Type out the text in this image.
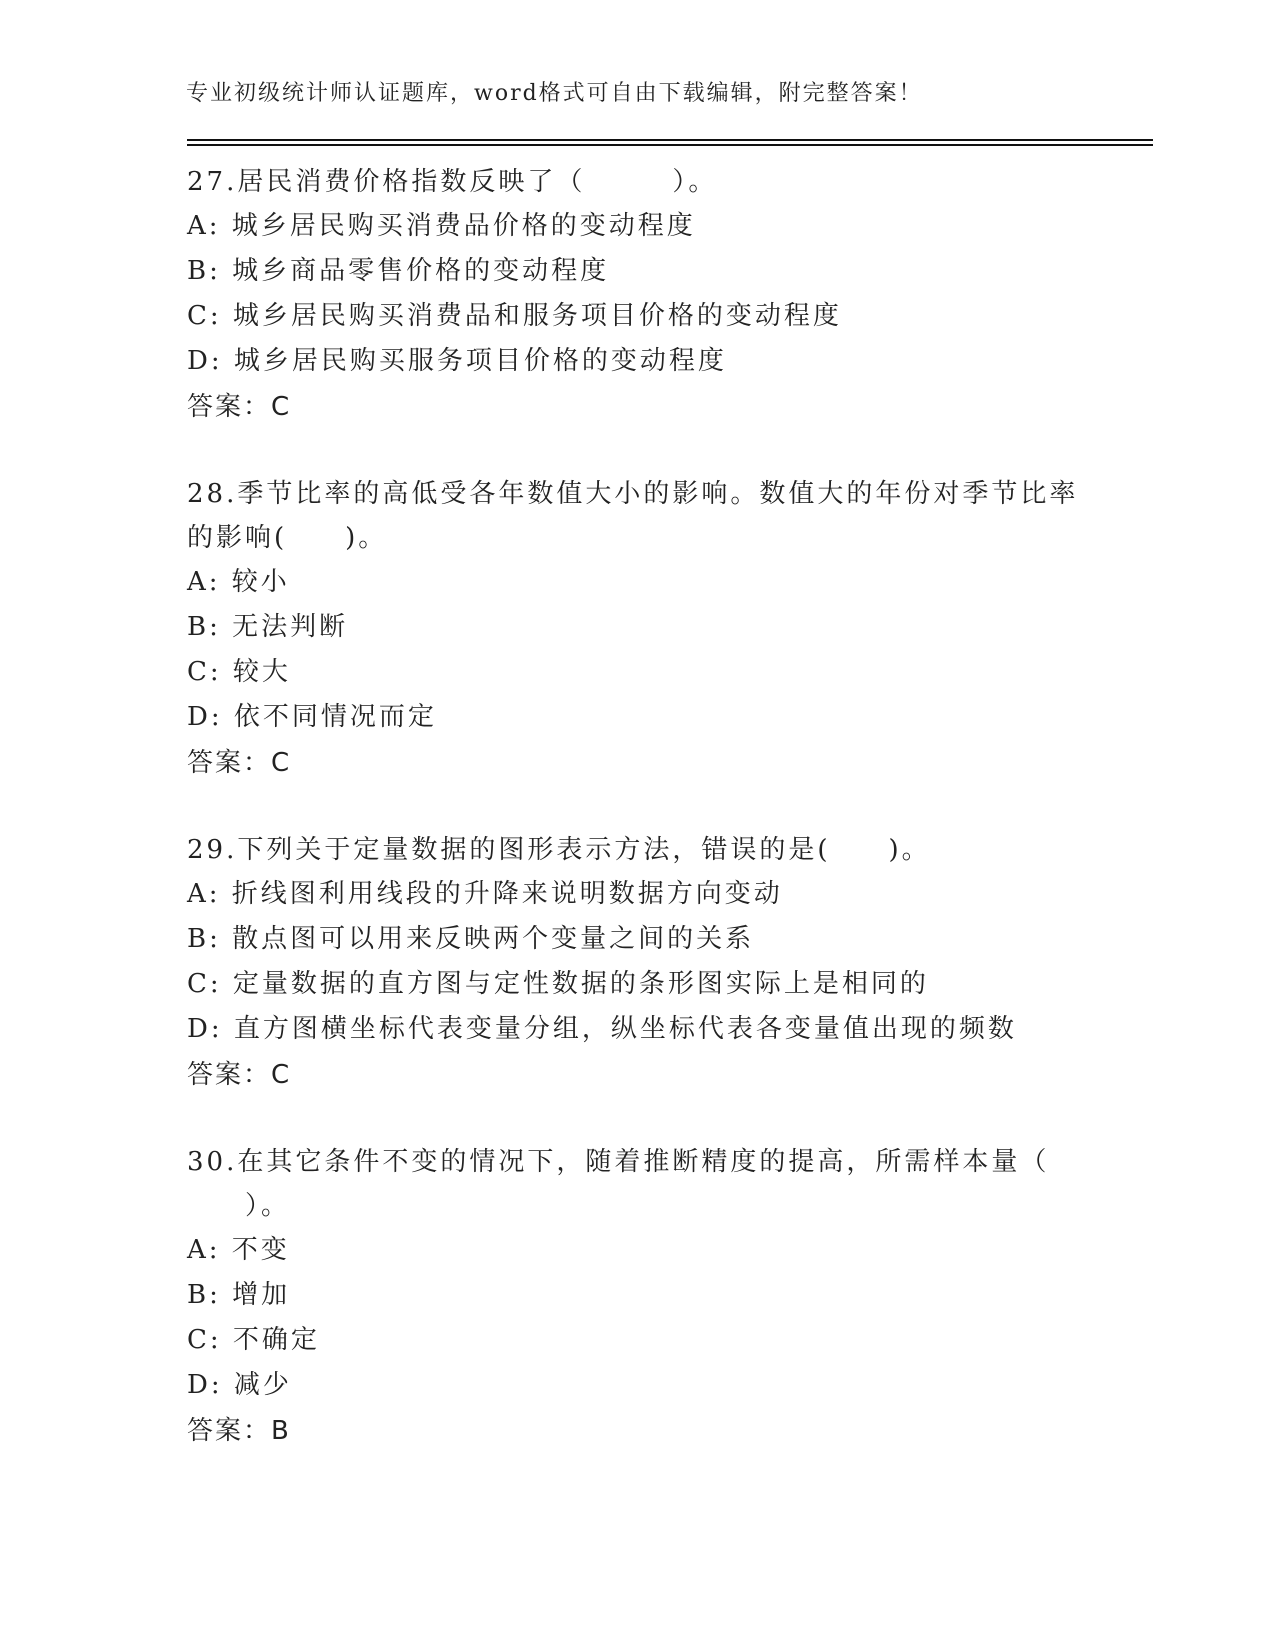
专业初级统计师认证题库，word格式可自由下载编辑，附完整答案！
27.居民消费价格指数反映了（　　　）。
A: 城乡居民购买消费品价格的变动程度
B: 城乡商品零售价格的变动程度
C: 城乡居民购买消费品和服务项目价格的变动程度
D: 城乡居民购买服务项目价格的变动程度
答案：C
28.季节比率的高低受各年数值大小的影响。数值大的年份对季节比率
的影响(　　)。
A: 较小
B: 无法判断
C: 较大
D: 依不同情况而定
答案：C
29.下列关于定量数据的图形表示方法，错误的是(　　)。
A: 折线图利用线段的升降来说明数据方向变动
B: 散点图可以用来反映两个变量之间的关系
C: 定量数据的直方图与定性数据的条形图实际上是相同的
D: 直方图横坐标代表变量分组，纵坐标代表各变量值出现的频数
答案：C
30.在其它条件不变的情况下，随着推断精度的提高，所需样本量（
　　）。
A: 不变
B: 增加
C: 不确定
D: 减少
答案：B
